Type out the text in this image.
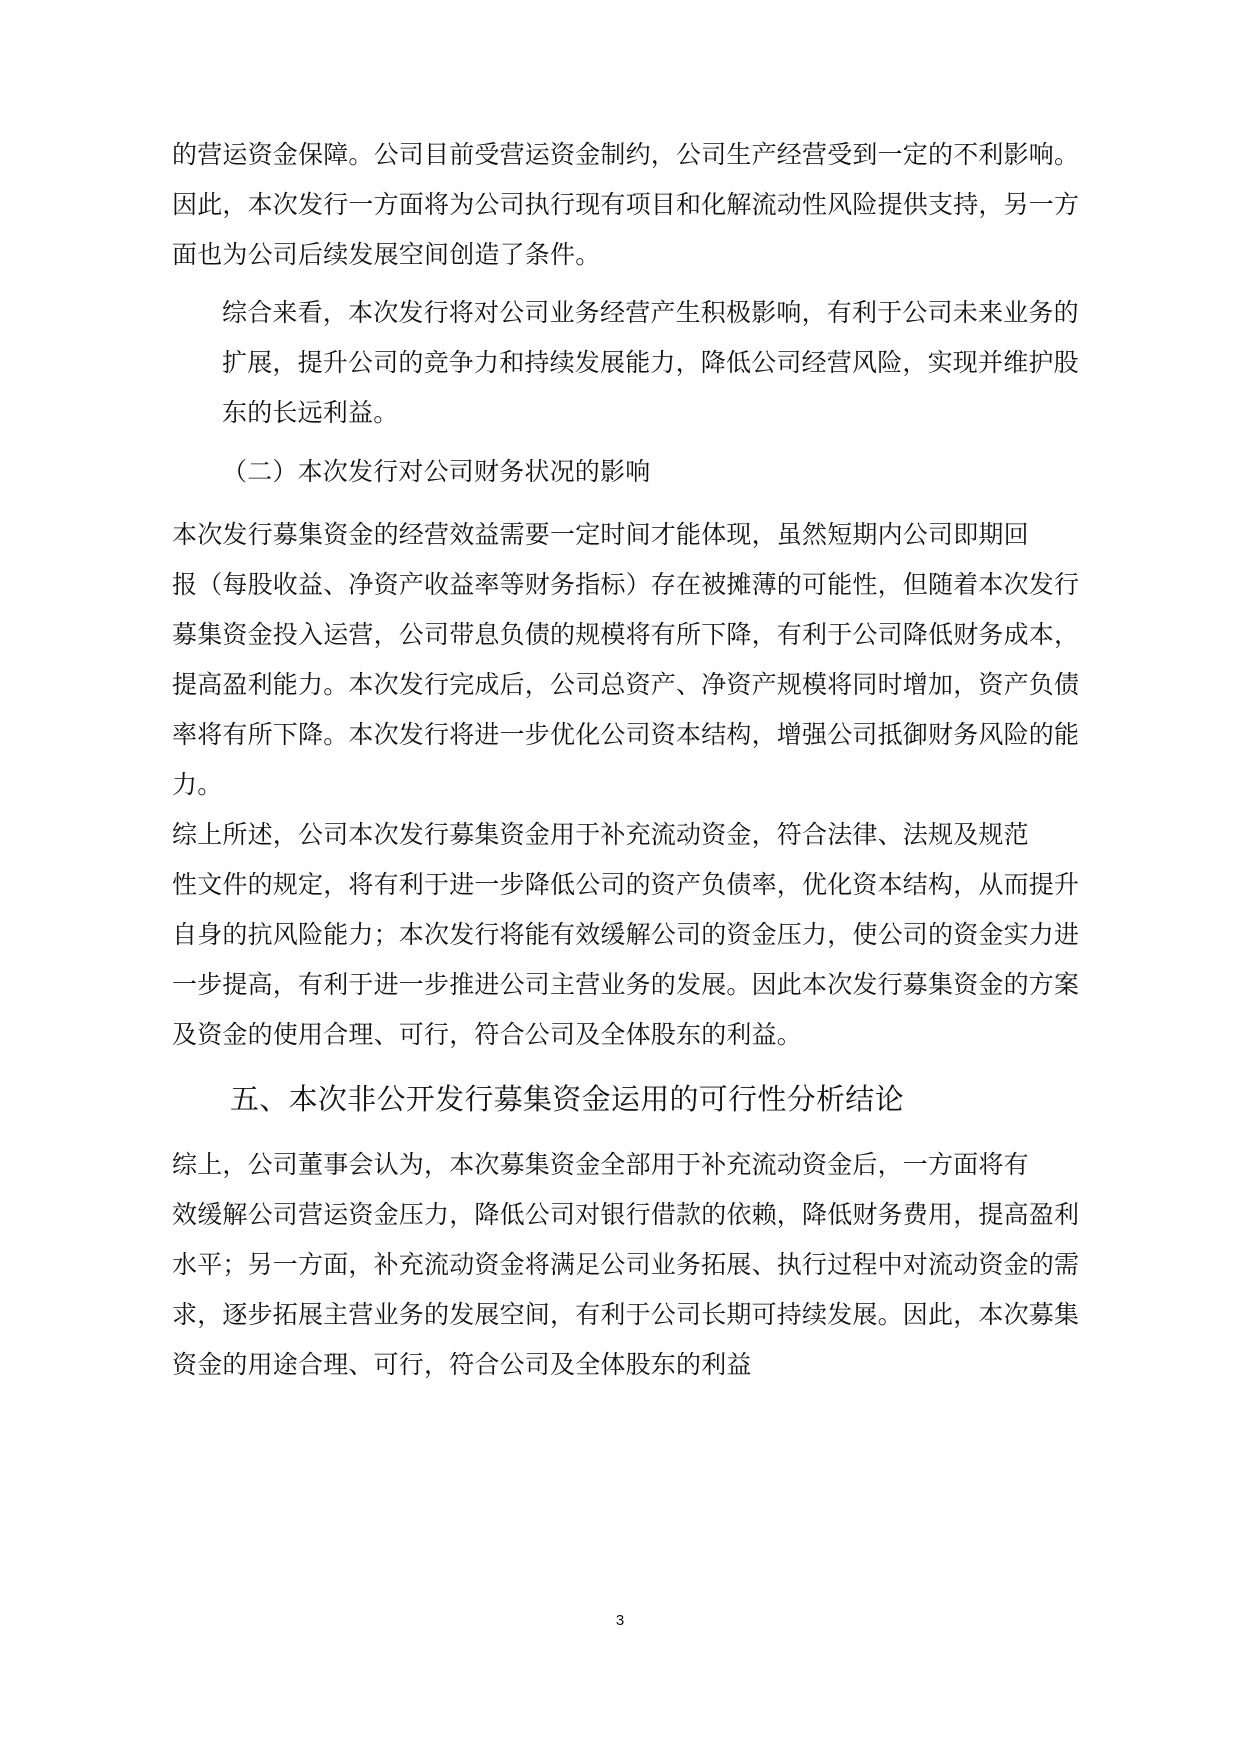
的营运资金保障。公司目前受营运资金制约，公司生产经营受到一定的不利影响。
因此，本次发行一方面将为公司执行现有项目和化解流动性风险提供支持，另一方
面也为公司后续发展空间创造了条件。
综合来看，本次发行将对公司业务经营产生积极影响，有利于公司未来业务的
扩展，提升公司的竞争力和持续发展能力，降低公司经营风险，实现并维护股
东的长远利益。
（二）本次发行对公司财务状况的影响
本次发行募集资金的经营效益需要一定时间才能体现，虽然短期内公司即期回
报（每股收益、净资产收益率等财务指标）存在被摊薄的可能性，但随着本次发行
募集资金投入运营，公司带息负债的规模将有所下降，有利于公司降低财务成本，
提高盈利能力。本次发行完成后，公司总资产、净资产规模将同时增加，资产负债
率将有所下降。本次发行将进一步优化公司资本结构，增强公司抵御财务风险的能
力。
综上所述，公司本次发行募集资金用于补充流动资金，符合法律、法规及规范
性文件的规定，将有利于进一步降低公司的资产负债率，优化资本结构，从而提升
自身的抗风险能力；本次发行将能有效缓解公司的资金压力，使公司的资金实力进
一步提高，有利于进一步推进公司主营业务的发展。因此本次发行募集资金的方案
及资金的使用合理、可行，符合公司及全体股东的利益。
五、本次非公开发行募集资金运用的可行性分析结论
综上，公司董事会认为，本次募集资金全部用于补充流动资金后，一方面将有
效缓解公司营运资金压力，降低公司对银行借款的依赖，降低财务费用，提高盈利
水平；另一方面，补充流动资金将满足公司业务拓展、执行过程中对流动资金的需
求，逐步拓展主营业务的发展空间，有利于公司长期可持续发展。因此，本次募集
资金的用途合理、可行，符合公司及全体股东的利益
3
